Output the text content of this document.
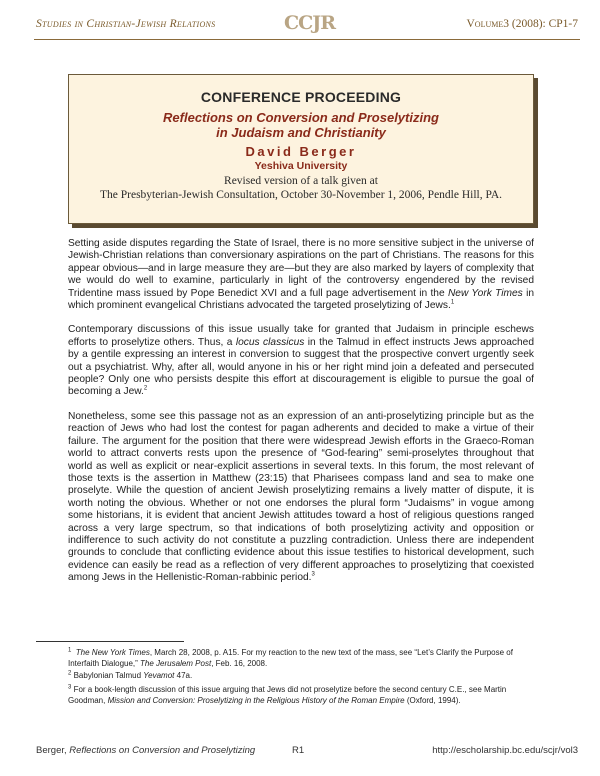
Studies in Christian-Jewish Relations	CCJR	Volume3 (2008): CP1-7
CONFERENCE PROCEEDING
Reflections on Conversion and Proselytizing
in Judaism and Christianity
David Berger
Yeshiva University
Revised version of a talk given at
The Presbyterian-Jewish Consultation, October 30-November 1, 2006, Pendle Hill, PA.

Setting aside disputes regarding the State of Israel, there is no more sensitive subject in the universe of Jewish-Christian relations than conversionary aspirations on the part of Christians. The reasons for this appear obvious—and in large measure they are—but they are also marked by layers of complexity that we would do well to examine, particularly in light of the controversy engendered by the revised Tridentine mass issued by Pope Benedict XVI and a full page advertisement in the New York Times in which prominent evangelical Christians advocated the targeted proselytizing of Jews.$^1$

Contemporary discussions of this issue usually take for granted that Judaism in principle eschews efforts to proselytize others. Thus, a locus classicus in the Talmud in effect instructs Jews approached by a gentile expressing an interest in conversion to suggest that the prospective convert urgently seek out a psychiatrist. Why, after all, would anyone in his or her right mind join a defeated and persecuted people? Only one who persists despite this effort at discouragement is eligible to pursue the goal of becoming a Jew.$^2$

Nonetheless, some see this passage not as an expression of an anti-proselytizing principle but as the reaction of Jews who had lost the contest for pagan adherents and decided to make a virtue of their failure. The argument for the position that there were widespread Jewish efforts in the Graeco-Roman world to attract converts rests upon the presence of “God-fearing” semi-proselytes throughout that world as well as explicit or near-explicit assertions in several texts. In this forum, the most relevant of those texts is the assertion in Matthew (23:15) that Pharisees compass land and sea to make one proselyte. While the question of ancient Jewish proselytizing remains a lively matter of dispute, it is worth noting the obvious. Whether or not one endorses the plural form “Judaisms” in vogue among some historians, it is evident that ancient Jewish attitudes toward a host of religious questions ranged across a very large spectrum, so that indications of both proselytizing activity and opposition or indifference to such activity do not constitute a puzzling contradiction. Unless there are independent grounds to conclude that conflicting evidence about this issue testifies to historical development, such evidence can easily be read as a reflection of very different approaches to proselytizing that coexisted among Jews in the Hellenistic-Roman-rabbinic period.$^3$

$^1$ The New York Times, March 28, 2008, p. A15. For my reaction to the new text of the mass, see “Let’s Clarify the Purpose of Interfaith Dialogue,” The Jerusalem Post, Feb. 16, 2008.
$^2$ Babylonian Talmud Yevamot 47a.
$^3$ For a book-length discussion of this issue arguing that Jews did not proselytize before the second century C.E., see Martin Goodman, Mission and Conversion: Proselytizing in the Religious History of the Roman Empire (Oxford, 1994).
Berger, Reflections on Conversion and Proselytizing	R1	http://escholarship.bc.edu/scjr/vol3
